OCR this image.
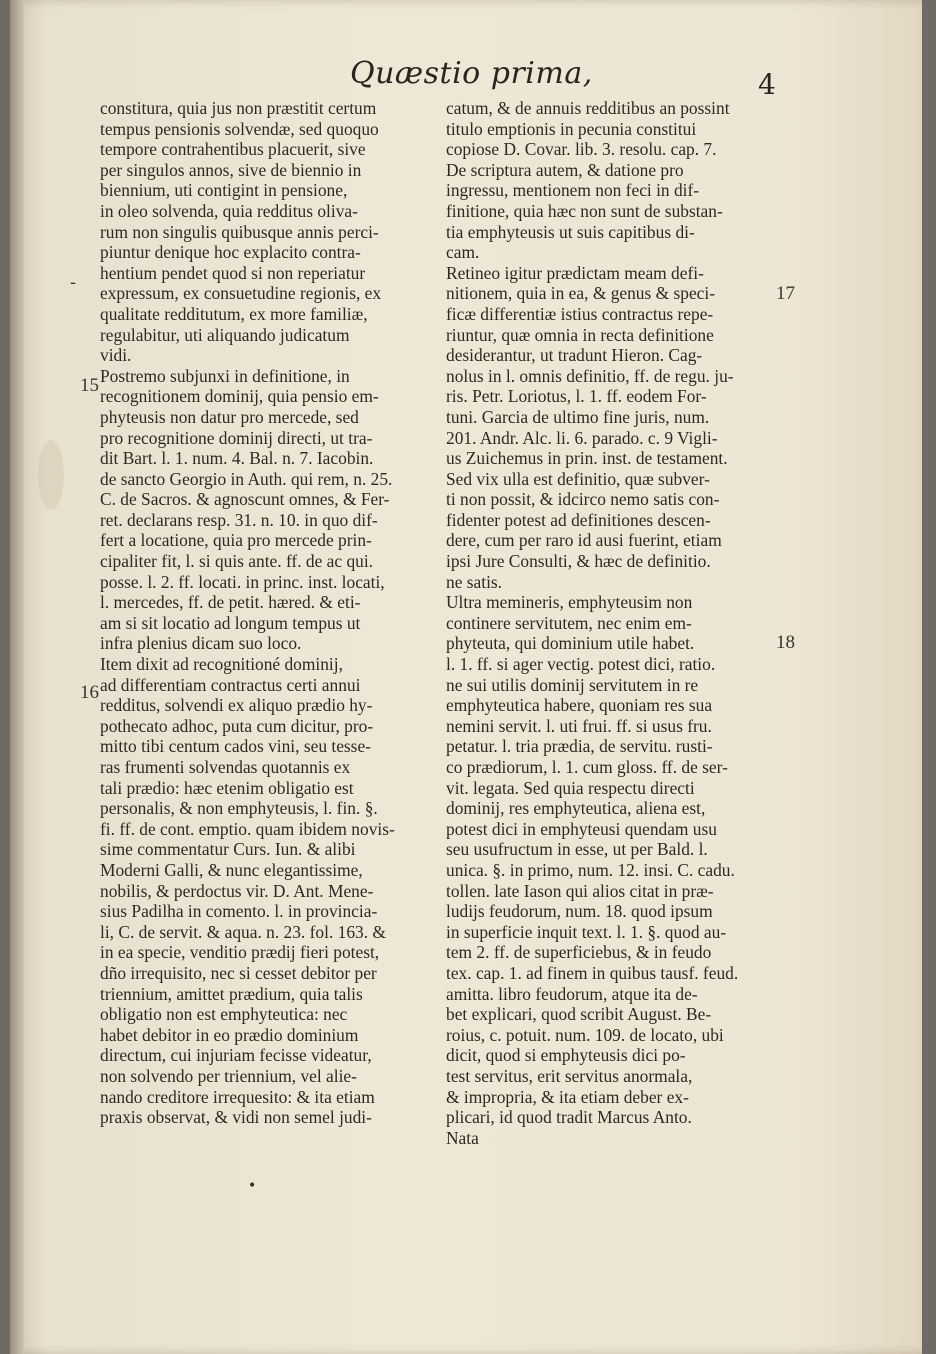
Quæstio prima,	4
-
15
16
17
18
constitura, quia jus non præstitit certum
tempus pensionis solvendæ, sed quoquo
tempore contrahentibus placuerit, sive
per singulos annos, sive de biennio in
biennium, uti contigint in pensione,
in oleo solvenda, quia redditus oliva-
rum non singulis quibusque annis perci-
piuntur denique hoc explacito contra-
hentium pendet quod si non reperiatur
expressum, ex consuetudine regionis, ex
qualitate redditutum, ex more familiæ,
regulabitur, uti aliquando judicatum
vidi.
Postremo subjunxi in definitione, in
recognitionem dominij, quia pensio em-
phyteusis non datur pro mercede, sed
pro recognitione dominij directi, ut tra-
dit Bart. l. 1. num. 4. Bal. n. 7. Iacobin.
de sancto Georgio in Auth. qui rem, n. 25.
C. de Sacros. & agnoscunt omnes, & Fer-
ret. declarans resp. 31. n. 10. in quo dif-
fert a locatione, quia pro mercede prin-
cipaliter fit, l. si quis ante. ff. de ac qui.
posse. l. 2. ff. locati. in princ. inst. locati,
l. mercedes, ff. de petit. hæred. & eti-
am si sit locatio ad longum tempus ut
infra plenius dicam suo loco.
Item dixit ad recognitioné dominij,
ad differentiam contractus certi annui
redditus, solvendi ex aliquo prædio hy-
pothecato adhoc, puta cum dicitur, pro-
mitto tibi centum cados vini, seu tesse-
ras frumenti solvendas quotannis ex
tali prædio: hæc etenim obligatio est
personalis, & non emphyteusis, l. fin. §.
fi. ff. de cont. emptio. quam ibidem novis-
sime commentatur Curs. Iun. & alibi
Moderni Galli, & nunc elegantissime,
nobilis, & perdoctus vir. D. Ant. Mene-
sius Padilha in comento. l. in provincia-
li, C. de servit. & aqua. n. 23. fol. 163. &
in ea specie, venditio prædij fieri potest,
dño irrequisito, nec si cesset debitor per
triennium, amittet prædium, quia talis
obligatio non est emphyteutica: nec
habet debitor in eo prædio dominium
directum, cui injuriam fecisse videatur,
non solvendo per triennium, vel alie-
nando creditore irrequesito: & ita etiam
praxis observat, & vidi non semel judi-
catum, & de annuis redditibus an possint
titulo emptionis in pecunia constitui
copiose D. Covar. lib. 3. resolu. cap. 7.
De scriptura autem, & datione pro
ingressu, mentionem non feci in dif-
finitione, quia hæc non sunt de substan-
tia emphyteusis ut suis capitibus di-
cam.
Retineo igitur prædictam meam defi-
nitionem, quia in ea, & genus & speci-
ficæ differentiæ istius contractus repe-
riuntur, quæ omnia in recta definitione
desiderantur, ut tradunt Hieron. Cag-
nolus in l. omnis definitio, ff. de regu. ju-
ris. Petr. Loriotus, l. 1. ff. eodem For-
tuni. Garcia de ultimo fine juris, num.
201. Andr. Alc. li. 6. parado. c. 9 Vigli-
us Zuichemus in prin. inst. de testament.
Sed vix ulla est definitio, quæ subver-
ti non possit, & idcirco nemo satis con-
fidenter potest ad definitiones descen-
dere, cum per raro id ausi fuerint, etiam
ipsi Jure Consulti, & hæc de definitio.
ne satis.
Ultra memineris, emphyteusim non
continere servitutem, nec enim em-
phyteuta, qui dominium utile habet.
l. 1. ff. si ager vectig. potest dici, ratio.
ne sui utilis dominij servitutem in re
emphyteutica habere, quoniam res sua
nemini servit. l. uti frui. ff. si usus fru.
petatur. l. tria prædia, de servitu. rusti-
co prædiorum, l. 1. cum gloss. ff. de ser-
vit. legata. Sed quia respectu directi
dominij, res emphyteutica, aliena est,
potest dici in emphyteusi quendam usu
seu usufructum in esse, ut per Bald. l.
unica. §. in primo, num. 12. insi. C. cadu.
tollen. late Iason qui alios citat in præ-
ludijs feudorum, num. 18. quod ipsum
in superficie inquit text. l. 1. §. quod au-
tem 2. ff. de superficiebus, & in feudo
tex. cap. 1. ad finem in quibus tausf. feud.
amitta. libro feudorum, atque ita de-
bet explicari, quod scribit August. Be-
roius, c. potuit. num. 109. de locato, ubi
dicit, quod si emphyteusis dici po-
test servitus, erit servitus anormala,
& impropria, & ita etiam deber ex-
plicari, id quod tradit Marcus Anto.
Nata
•
